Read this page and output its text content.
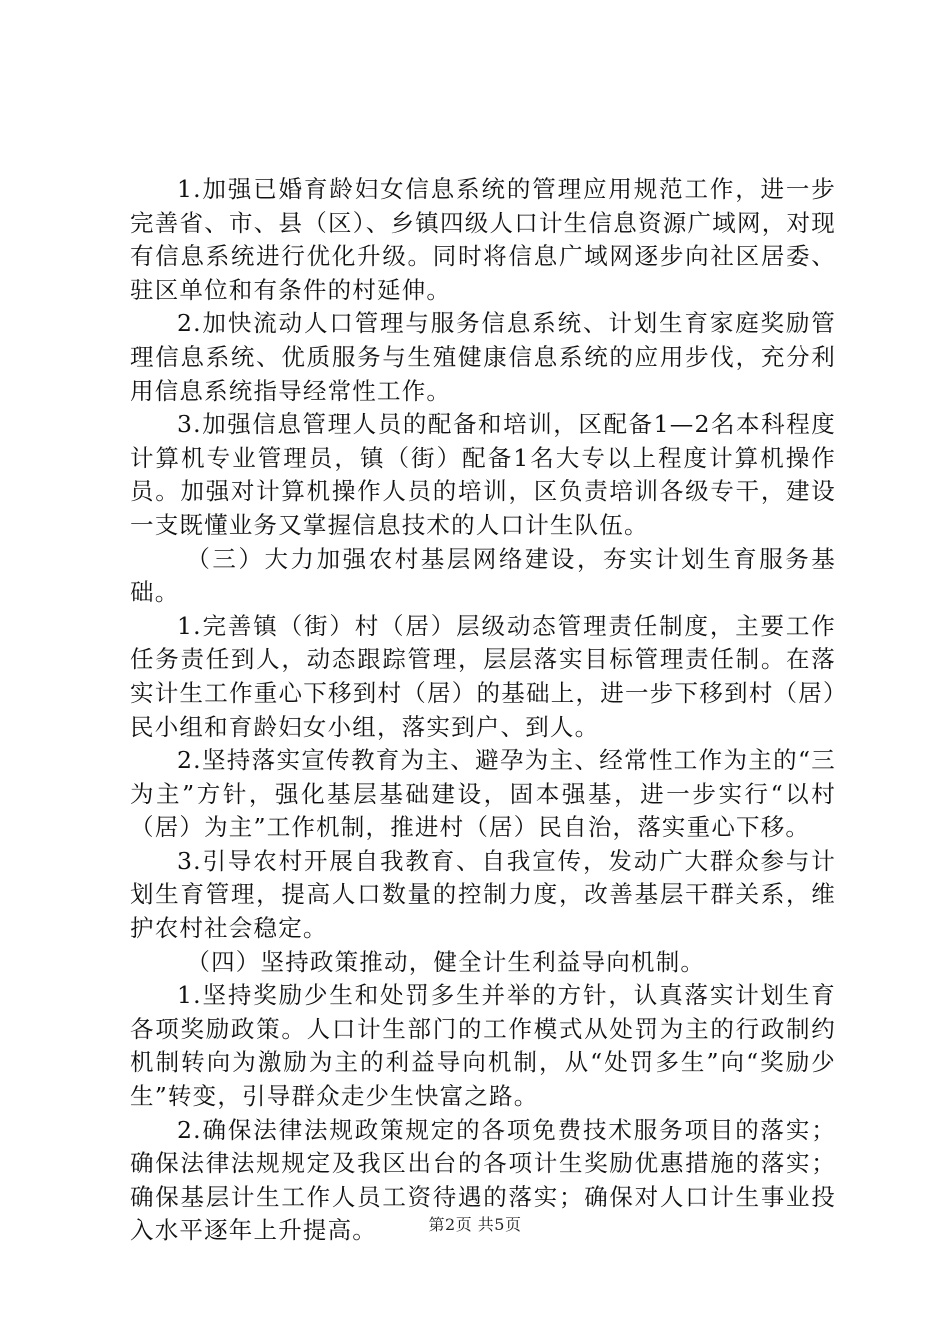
1.加强已婚育龄妇女信息系统的管理应用规范工作，进一步完善省、市、县（区）、乡镇四级人口计生信息资源广域网，对现有信息系统进行优化升级。同时将信息广域网逐步向社区居委、驻区单位和有条件的村延伸。

2.加快流动人口管理与服务信息系统、计划生育家庭奖励管理信息系统、优质服务与生殖健康信息系统的应用步伐，充分利用信息系统指导经常性工作。

3.加强信息管理人员的配备和培训，区配备1—2名本科程度计算机专业管理员，镇（街）配备1名大专以上程度计算机操作员。加强对计算机操作人员的培训，区负责培训各级专干，建设一支既懂业务又掌握信息技术的人口计生队伍。

（三）大力加强农村基层网络建设，夯实计划生育服务基础。

1.完善镇（街）村（居）层级动态管理责任制度，主要工作任务责任到人，动态跟踪管理，层层落实目标管理责任制。在落实计生工作重心下移到村（居）的基础上，进一步下移到村（居）民小组和育龄妇女小组，落实到户、到人。

2.坚持落实宣传教育为主、避孕为主、经常性工作为主的“三为主”方针，强化基层基础建设，固本强基，进一步实行“以村（居）为主”工作机制，推进村（居）民自治，落实重心下移。

3.引导农村开展自我教育、自我宣传，发动广大群众参与计划生育管理，提高人口数量的控制力度，改善基层干群关系，维护农村社会稳定。

（四）坚持政策推动，健全计生利益导向机制。

1.坚持奖励少生和处罚多生并举的方针，认真落实计划生育各项奖励政策。人口计生部门的工作模式从处罚为主的行政制约机制转向为激励为主的利益导向机制，从“处罚多生”向“奖励少生”转变，引导群众走少生快富之路。

2.确保法律法规政策规定的各项免费技术服务项目的落实；确保法律法规规定及我区出台的各项计生奖励优惠措施的落实；确保基层计生工作人员工资待遇的落实；确保对人口计生事业投入水平逐年上升提高。	第2页 共5页
